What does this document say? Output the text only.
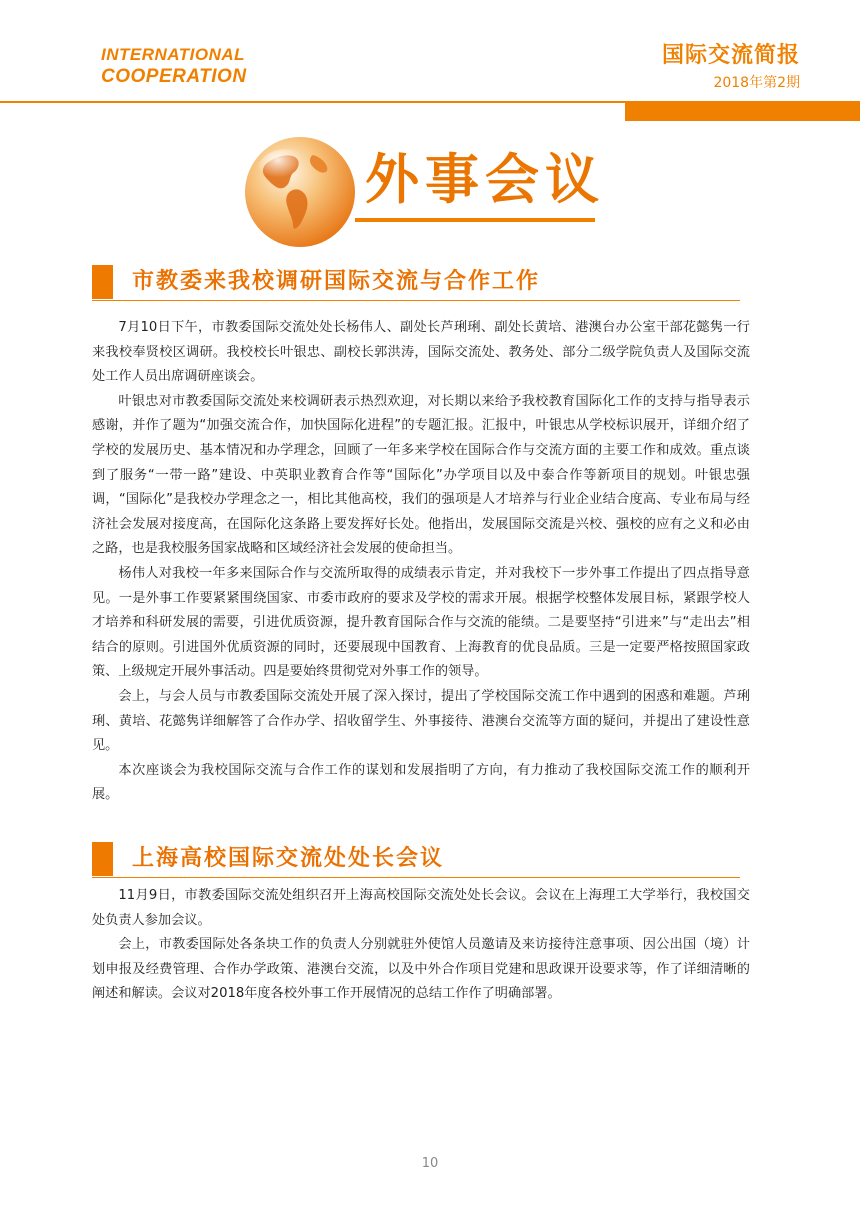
INTERNATIONAL
COOPERATION
国际交流简报
2018年第2期
外事会议
市教委来我校调研国际交流与合作工作

7月10日下午，市教委国际交流处处长杨伟人、副处长芦琍琍、副处长黄培、港澳台办公室干部花懿隽一行来我校奉贤校区调研。我校校长叶银忠、副校长郭洪涛，国际交流处、教务处、部分二级学院负责人及国际交流处工作人员出席调研座谈会。

叶银忠对市教委国际交流处来校调研表示热烈欢迎，对长期以来给予我校教育国际化工作的支持与指导表示感谢，并作了题为“加强交流合作，加快国际化进程”的专题汇报。汇报中，叶银忠从学校标识展开，详细介绍了学校的发展历史、基本情况和办学理念，回顾了一年多来学校在国际合作与交流方面的主要工作和成效。重点谈到了服务“一带一路”建设、中英职业教育合作等“国际化”办学项目以及中泰合作等新项目的规划。叶银忠强调，“国际化”是我校办学理念之一，相比其他高校，我们的强项是人才培养与行业企业结合度高、专业布局与经济社会发展对接度高，在国际化这条路上要发挥好长处。他指出，发展国际交流是兴校、强校的应有之义和必由之路，也是我校服务国家战略和区域经济社会发展的使命担当。

杨伟人对我校一年多来国际合作与交流所取得的成绩表示肯定，并对我校下一步外事工作提出了四点指导意见。一是外事工作要紧紧围绕国家、市委市政府的要求及学校的需求开展。根据学校整体发展目标，紧跟学校人才培养和科研发展的需要，引进优质资源，提升教育国际合作与交流的能绩。二是要坚持“引进来”与“走出去”相结合的原则。引进国外优质资源的同时，还要展现中国教育、上海教育的优良品质。三是一定要严格按照国家政策、上级规定开展外事活动。四是要始终贯彻党对外事工作的领导。

会上，与会人员与市教委国际交流处开展了深入探讨，提出了学校国际交流工作中遇到的困惑和难题。芦琍琍、黄培、花懿隽详细解答了合作办学、招收留学生、外事接待、港澳台交流等方面的疑问，并提出了建设性意见。

本次座谈会为我校国际交流与合作工作的谋划和发展指明了方向，有力推动了我校国际交流工作的顺利开展。

上海高校国际交流处处长会议

11月9日，市教委国际交流处组织召开上海高校国际交流处处长会议。会议在上海理工大学举行，我校国交处负责人参加会议。

会上，市教委国际处各条块工作的负责人分别就驻外使馆人员邀请及来访接待注意事项、因公出国（境）计划申报及经费管理、合作办学政策、港澳台交流，以及中外合作项目党建和思政课开设要求等，作了详细清晰的阐述和解读。会议对2018年度各校外事工作开展情况的总结工作作了明确部署。

10
